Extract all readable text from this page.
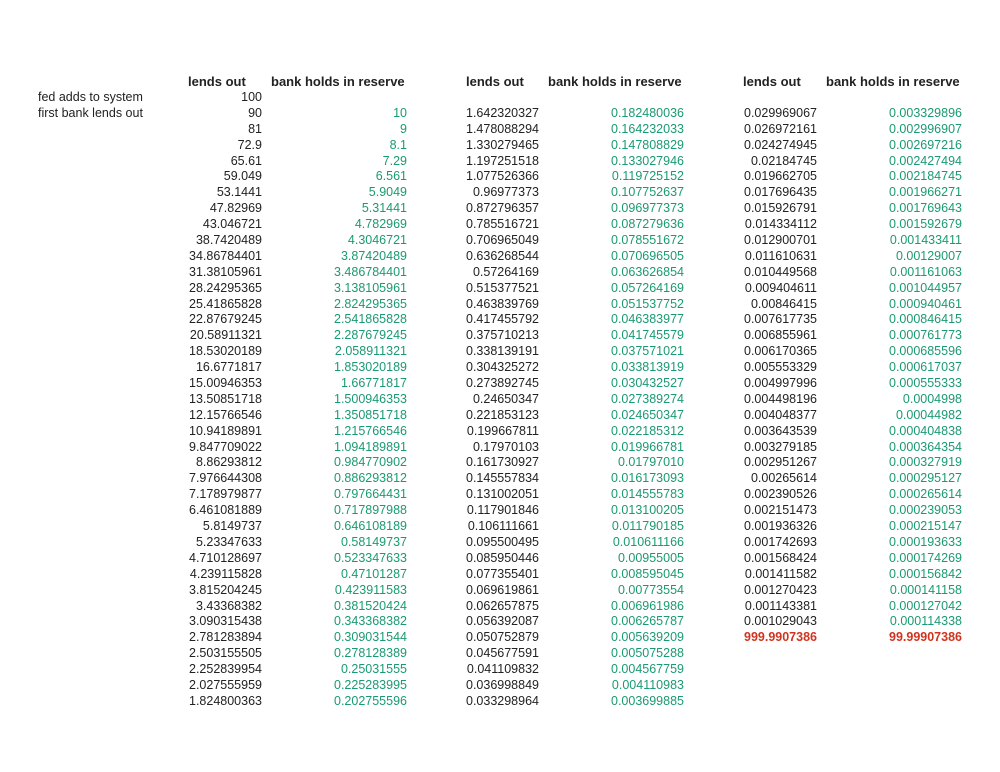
lends out bank holds in reserve	lends out bank holds in reserve	lends out bank holds in reserve
fed adds to system
first bank lends out
100
90
81
72.9
65.61
59.049
53.1441
47.82969
43.046721
38.7420489
34.86784401
31.38105961
28.24295365
25.41865828
22.87679245
20.58911321
18.53020189
16.6771817
15.00946353
13.50851718
12.15766546
10.94189891
9.847709022
8.86293812
7.976644308
7.178979877
6.461081889
5.8149737
5.23347633
4.710128697
4.239115828
3.815204245
3.43368382
3.090315438
2.781283894
2.503155505
2.252839954
2.027555959
1.824800363
10
9
8.1
7.29
6.561
5.9049
5.31441
4.782969
4.3046721
3.87420489
3.486784401
3.138105961
2.824295365
2.541865828
2.287679245
2.058911321
1.853020189
1.66771817
1.500946353
1.350851718
1.215766546
1.094189891
0.984770902
0.886293812
0.797664431
0.717897988
0.646108189
0.58149737
0.523347633
0.47101287
0.423911583
0.381520424
0.343368382
0.309031544
0.278128389
0.25031555
0.225283995
0.202755596
1.642320327
1.478088294
1.330279465
1.197251518
1.077526366
0.96977373
0.872796357
0.785516721
0.706965049
0.636268544
0.57264169
0.515377521
0.463839769
0.417455792
0.375710213
0.338139191
0.304325272
0.273892745
0.24650347
0.221853123
0.199667811
0.17970103
0.161730927
0.145557834
0.131002051
0.117901846
0.106111661
0.095500495
0.085950446
0.077355401
0.069619861
0.062657875
0.056392087
0.050752879
0.045677591
0.041109832
0.036998849
0.033298964
0.182480036
0.164232033
0.147808829
0.133027946
0.119725152
0.107752637
0.096977373
0.087279636
0.078551672
0.070696505
0.063626854
0.057264169
0.051537752
0.046383977
0.041745579
0.037571021
0.033813919
0.030432527
0.027389274
0.024650347
0.022185312
0.019966781
0.01797010
0.016173093
0.014555783
0.013100205
0.011790185
0.010611166
0.00955005
0.008595045
0.00773554
0.006961986
0.006265787
0.005639209
0.005075288
0.004567759
0.004110983
0.003699885
0.029969067
0.026972161
0.024274945
0.02184745
0.019662705
0.017696435
0.015926791
0.014334112
0.012900701
0.011610631
0.010449568
0.009404611
0.00846415
0.007617735
0.006855961
0.006170365
0.005553329
0.004997996
0.004498196
0.004048377
0.003643539
0.003279185
0.002951267
0.00265614
0.002390526
0.002151473
0.001936326
0.001742693
0.001568424
0.001411582
0.001270423
0.001143381
0.001029043
999.9907386
0.003329896
0.002996907
0.002697216
0.002427494
0.002184745
0.001966271
0.001769643
0.001592679
0.001433411
0.00129007
0.001161063
0.001044957
0.000940461
0.000846415
0.000761773
0.000685596
0.000617037
0.000555333
0.0004998
0.00044982
0.000404838
0.000364354
0.000327919
0.000295127
0.000265614
0.000239053
0.000215147
0.000193633
0.000174269
0.000156842
0.000141158
0.000127042
0.000114338
99.99907386
